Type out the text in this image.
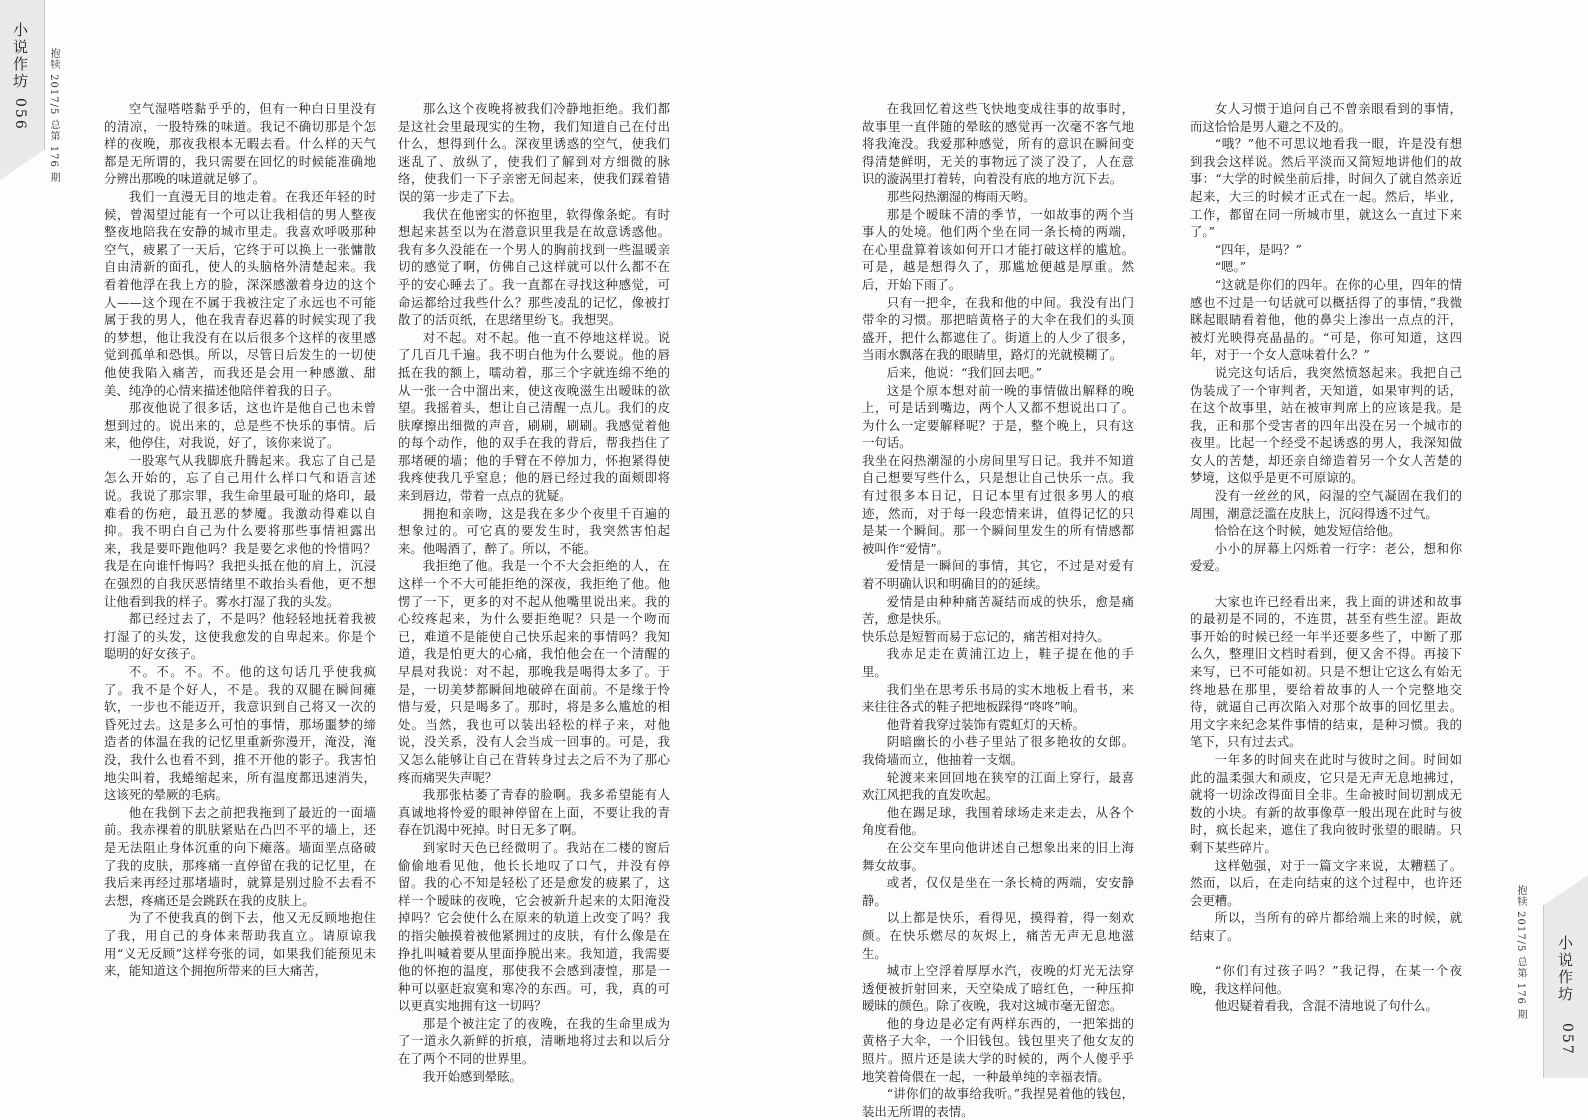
小说作坊
056 抱犊 2017/5 总第 176 期	空气湿嗒嗒黏乎乎的，但有一种白日里没有的清凉，一股特殊的味道。我记不确切那是个怎样的夜晚，那夜我根本无暇去看。什么样的天气都是无所谓的，我只需要在回忆的时候能准确地分辨出那晚的味道就足够了。

我们一直漫无目的地走着。在我还年轻的时候，曾渴望过能有一个可以让我相信的男人整夜整夜地陪我在安静的城市里走。我喜欢呼吸那种空气，疲累了一天后，它终于可以换上一张慵散自由清新的面孔，使人的头脑格外清楚起来。我看着他浮在我上方的脸，深深感激着身边的这个人——这个现在不属于我被注定了永远也不可能属于我的男人，他在我青春迟暮的时候实现了我的梦想，他让我没有在以后很多个这样的夜里感觉到孤单和恐惧。所以，尽管日后发生的一切使他使我陷入痛苦，而我还是会用一种感激、甜美、纯净的心情来描述他陪伴着我的日子。

那夜他说了很多话，这也许是他自己也未曾想到过的。说出来的，总是些不快乐的事情。后来，他停住，对我说，好了，该你来说了。

一股寒气从我脚底升腾起来。我忘了自己是怎么开始的，忘了自己用什么样口气和语言述说。我说了那宗罪，我生命里最可耻的烙印，最难看的伤疤，最丑恶的梦魇。我激动得难以自抑。我不明白自己为什么要将那些事情袒露出来，我是要吓跑他吗？我是要乞求他的怜惜吗？我是在向谁忏悔吗？我把头抵在他的肩上，沉浸在强烈的自我厌恶情绪里不敢抬头看他，更不想让他看到我的样子。雾水打湿了我的头发。

都已经过去了，不是吗？他轻轻地抚着我被打湿了的头发，这使我愈发的自卑起来。你是个聪明的好女孩子。

不。不。不。不。他的这句话几乎使我疯了。我不是个好人，不是。我的双腿在瞬间瘫软，一步也不能迈开，我意识到自己将又一次的昏死过去。这是多么可怕的事情，那场噩梦的缔造者的体温在我的记忆里重新弥漫开，淹没，淹没，我什么也看不到，推不开他的影子。我害怕地尖叫着，我蜷缩起来，所有温度都迅速消失，这该死的晕厥的毛病。

他在我倒下去之前把我拖到了最近的一面墙前。我赤裸着的肌肤紧贴在凸凹不平的墙上，还是无法阻止身体沉重的向下瘫落。墙面垩点硌破了我的皮肤，那疼痛一直停留在我的记忆里，在我后来再经过那堵墙时，就算是别过脸不去看不去想，疼痛还是会跳跃在我的皮肤上。

为了不使我真的倒下去，他又无反顾地抱住了我，用自己的身体来帮助我直立。请原谅我用“义无反顾”这样夸张的词，如果我们能预见未来，能知道这个拥抱所带来的巨大痛苦，

那么这个夜晚将被我们冷静地拒绝。我们都是这社会里最现实的生物，我们知道自己在付出什么，想得到什么。深夜里诱惑的空气，使我们迷乱了、放纵了，使我们了解到对方细微的脉络，使我们一下子亲密无间起来，使我们踩着错误的第一步走了下去。

我伏在他密实的怀抱里，软得像条蛇。有时想起来甚至以为在潜意识里我是在故意诱惑他。我有多久没能在一个男人的胸前找到一些温暖亲切的感觉了啊，仿佛自己这样就可以什么都不在乎的安心睡去了。我一直都在寻找这种感觉，可命运都给过我些什么？那些凌乱的记忆，像被打散了的活页纸，在思绪里纷飞。我想哭。

对不起。对不起。他一直不停地这样说。说了几百几千遍。我不明白他为什么要说。他的唇抵在我的额上，嚅动着，那三个字就连绵不绝的从一张一合中溜出来，使这夜晚滋生出暧昧的欲望。我摇着头，想让自己清醒一点儿。我们的皮肤摩擦出细微的声音，刷刷，刷刷。我感觉着他的每个动作，他的双手在我的背后，帮我挡住了那堵硬的墙；他的手臂在不停加力，怀抱紧得使我疼使我几乎窒息；他的唇已经过我的面颊即将来到唇边，带着一点点的犹疑。

拥抱和亲吻，这是我在多少个夜里千百遍的想象过的。可它真的要发生时，我突然害怕起来。他喝酒了，醉了。所以，不能。

我拒绝了他。我是一个不大会拒绝的人，在这样一个不大可能拒绝的深夜，我拒绝了他。他愣了一下，更多的对不起从他嘴里说出来。我的心绞疼起来，为什么要拒绝呢？只是一个吻而已，难道不是能使自己快乐起来的事情吗？我知道，我是怕更大的心痛，我怕他会在一个清醒的早晨对我说：对不起，那晚我是喝得太多了。于是，一切美梦都瞬间地破碎在面前。不是缘于怜惜与爱，只是喝多了。那时，将是多么尴尬的相处。当然，我也可以装出轻松的样子来，对他说，没关系，没有人会当成一回事的。可是，我又怎么能够让自己在背转身过去之后不为了那心疼而痛哭失声呢？

我那张枯萎了青春的脸啊。我多希望能有人真诚地将怜爱的眼神停留在上面，不要让我的青春在饥渴中死掉。时日无多了啊。

到家时天色已经微明了。我站在二楼的窗后偷偷地看见他，他长长地叹了口气，并没有停留。我的心不知是轻松了还是愈发的疲累了，这样一个暧昧的夜晚，它会被新升起来的太阳淹没掉吗？它会使什么在原来的轨道上改变了吗？我的指尖触摸着被他紧拥过的皮肤，有什么像是在挣扎叫喊着要从里面挣脱出来。我知道，我需要他的怀抱的温度，那使我不会感到凄惶，那是一种可以驱赶寂寞和寒冷的东西。可，我，真的可以更真实地拥有这一切吗？

那是个被注定了的夜晚，在我的生命里成为了一道永久新鲜的折痕，清晰地将过去和以后分在了两个不同的世界里。

我开始感到晕眩。

在我回忆着这些飞快地变成往事的故事时，故事里一直伴随的晕眩的感觉再一次毫不客气地将我淹没。我爱那种感觉，所有的意识在瞬间变得清楚鲜明，无关的事物远了淡了没了，人在意识的漩涡里打着转，向着没有底的地方沉下去。

那些闷热潮湿的梅雨天哟。

那是个暧昧不清的季节，一如故事的两个当事人的处境。他们两个坐在同一条长椅的两端，在心里盘算着该如何开口才能打破这样的尴尬。可是，越是想得久了，那尴尬便越是厚重。然后，开始下雨了。

只有一把伞，在我和他的中间。我没有出门带伞的习惯。那把暗黄格子的大伞在我们的头顶盛开，把什么都遮住了。街道上的人少了很多，当雨水飘落在我的眼睛里，路灯的光就模糊了。

后来，他说：“我们回去吧。”

这是个原本想对前一晚的事情做出解释的晚上，可是话到嘴边，两个人又都不想说出口了。为什么一定要解释呢？于是，整个晚上，只有这一句话。

我坐在闷热潮湿的小房间里写日记。我并不知道自己想要写些什么，只是想让自己快乐一点。我有过很多本日记，日记本里有过很多男人的痕迹，然而，对于每一段恋情来讲，值得记忆的只是某一个瞬间。那一个瞬间里发生的所有情感都被叫作“爱情”。

爱情是一瞬间的事情，其它，不过是对爱有着不明确认识和明确目的的延续。

爱情是由种种痛苦凝结而成的快乐，愈是痛苦，愈是快乐。

快乐总是短暂而易于忘记的，痛苦相对持久。

我赤足走在黄浦江边上，鞋子提在他的手里。

我们坐在思考乐书局的实木地板上看书，来来往往各式的鞋子把地板踩得“咚咚”响。

他背着我穿过装饰有霓虹灯的天桥。

阴暗幽长的小巷子里站了很多艳妆的女郎。我倚墙而立，他抽着一支烟。

轮渡来来回回地在狭窄的江面上穿行，最喜欢江风把我的直发吹起。

他在踢足球，我围着球场走来走去，从各个角度看他。

在公交车里向他讲述自己想象出来的旧上海舞女故事。

或者，仅仅是坐在一条长椅的两端，安安静静。

以上都是快乐，看得见，摸得着，得一刻欢颜。在快乐燃尽的灰烬上，痛苦无声无息地滋生。

城市上空浮着厚厚水汽，夜晚的灯光无法穿透便被折射回来，天空染成了暗红色，一种压抑暧昧的颜色。除了夜晚，我对这城市毫无留恋。

他的身边是必定有两样东西的，一把笨拙的黄格子大伞，一个旧钱包。钱包里夹了他女友的照片。照片还是读大学的时候的，两个人傻乎乎地笑着倚偎在一起，一种最单纯的幸福表情。

“讲你们的故事给我听。”我捏晃着他的钱包，装出无所谓的表情。

女人习惯于追问自己不曾亲眼看到的事情，而这恰恰是男人避之不及的。

“哦？”他不可思议地看我一眼，许是没有想到我会这样说。然后平淡而又简短地讲他们的故事：“大学的时候坐前后排，时间久了就自然亲近起来，大三的时候才正式在一起。然后，毕业，工作，都留在同一所城市里，就这么一直过下来了。”

“四年，是吗？”

“嗯。”

“这就是你们的四年。在你的心里，四年的情感也不过是一句话就可以概括得了的事情，”我微眯起眼睛看着他，他的鼻尖上渗出一点点的汗，被灯光映得亮晶晶的。“可是，你可知道，这四年，对于一个女人意味着什么？”

说完这句话后，我突然愤怒起来。我把自己伪装成了一个审判者，天知道，如果审判的话，在这个故事里，站在被审判席上的应该是我。是我，正和那个受害者的四年出没在另一个城市的夜里。比起一个经受不起诱惑的男人，我深知做女人的苦楚，却还亲自缔造着另一个女人苦楚的梦境，这似乎是更不可原谅的。

没有一丝丝的风，闷湿的空气凝固在我们的周围，潮意泛滥在皮肤上，沉闷得透不过气。

恰恰在这个时候，她发短信给他。

小小的屏幕上闪烁着一行字：老公，想和你爱爱。

大家也许已经看出来，我上面的讲述和故事的最初是不同的，不连贯，甚至有些生涩。距故事开始的时候已经一年半还要多些了，中断了那么久，整理旧文档时看到，便又舍不得。再接下来写，已不可能如初。只是不想让它这么有始无终地悬在那里，要给着故事的人一个完整地交待，就逼自己再次陷入对那个故事的回忆里去。用文字来纪念某件事情的结束，是种习惯。我的笔下，只有过去式。

一年多的时间夹在此时与彼时之间。时间如此的温柔强大和顽皮，它只是无声无息地拂过，就将一切涂改得面目全非。生命被时间切割成无数的小块。有新的故事像草一般出现在此时与彼时，疯长起来，遮住了我向彼时张望的眼睛。只剩下某些碎片。

这样勉强，对于一篇文字来说，太糟糕了。然而，以后，在走向结束的这个过程中，也许还会更糟。

所以，当所有的碎片都给端上来的时候，就结束了。

“你们有过孩子吗？”我记得，在某一个夜晚，我这样问他。

他迟疑着看我，含混不清地说了句什么。

小说作坊
057
抱犊 2017/5 总第 176 期
